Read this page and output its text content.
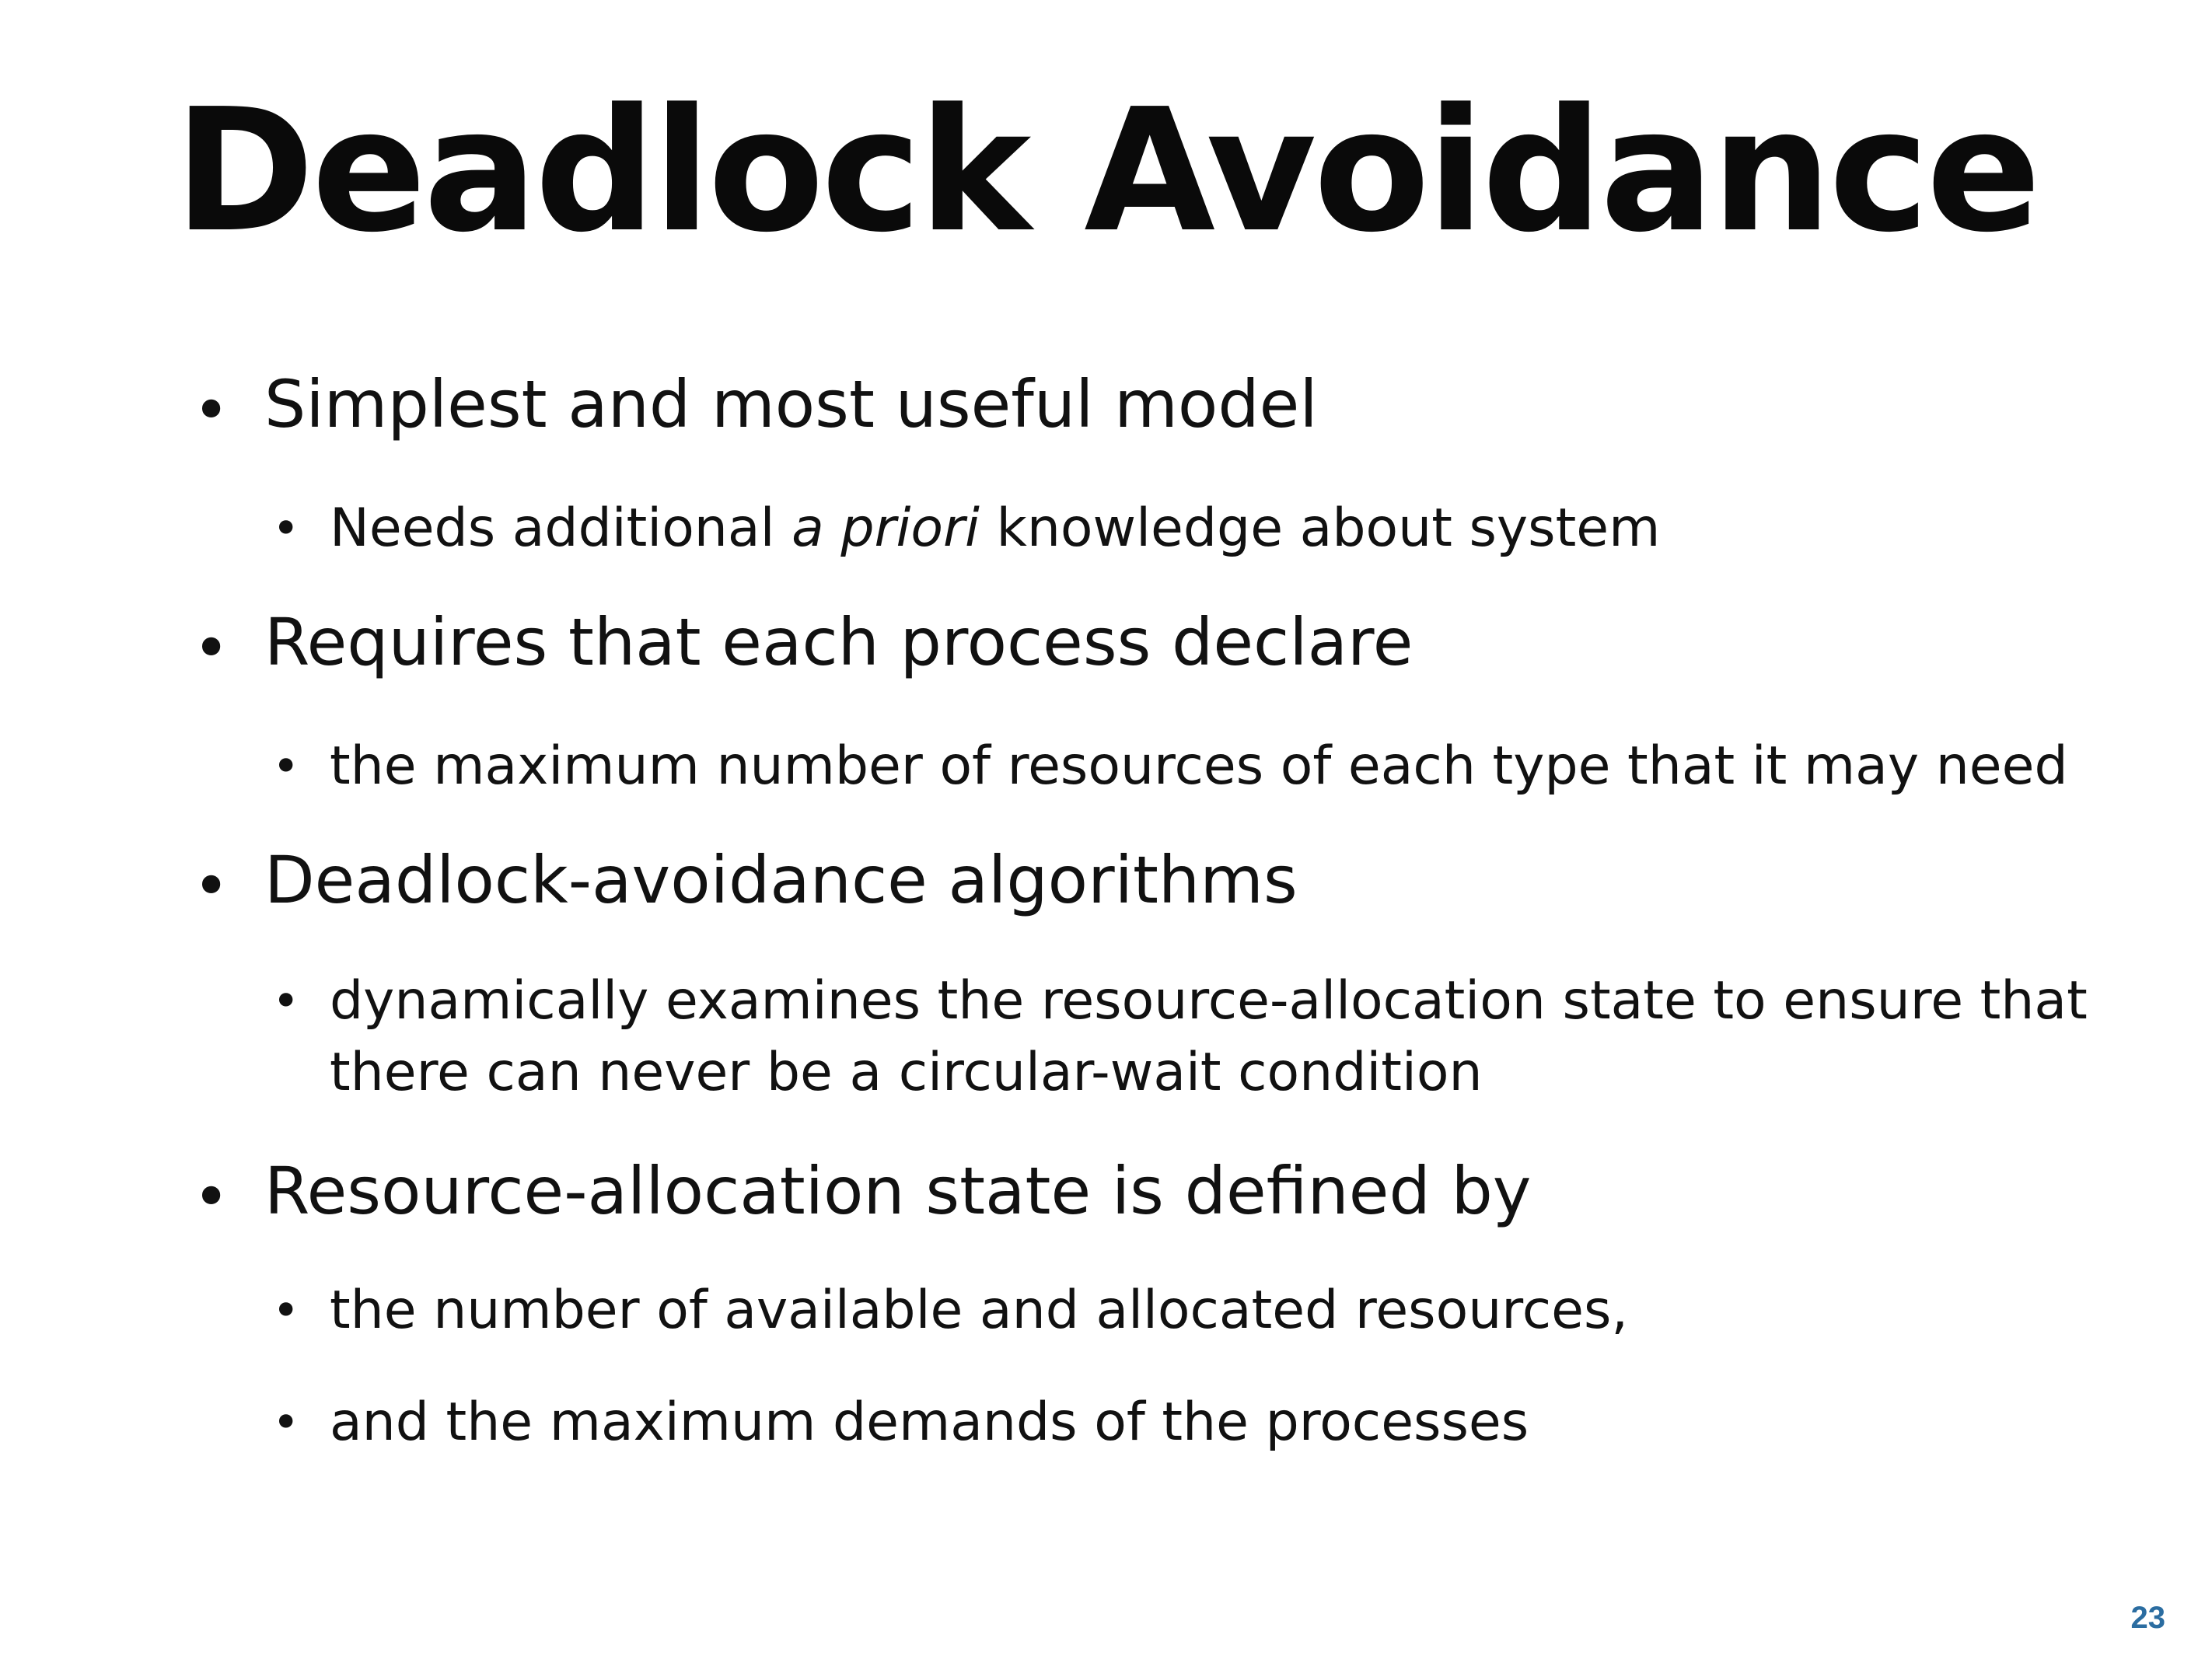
Deadlock Avoidance
• Simplest and most useful model
• Needs additional a priori knowledge about system
• Requires that each process declare
• the maximum number of resources of each type that it may need
• Deadlock-avoidance algorithms
• dynamically examines the resource-allocation state to ensure that
there can never be a circular-wait condition
• Resource-allocation state is defined by
• the number of available and allocated resources,
• and the maximum demands of the processes
23
